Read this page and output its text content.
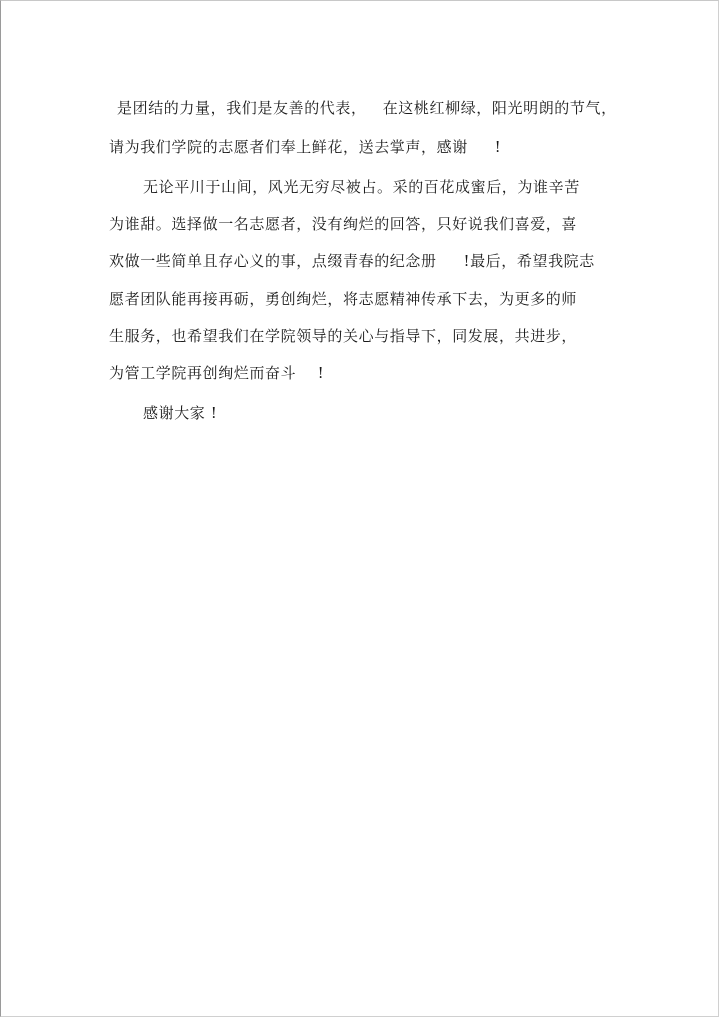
是团结的力量，我们是友善的代表，   在这桃红柳绿，阳光明朗的节气，
请为我们学院的志愿者们奉上鲜花，送去掌声，感谢     !
无论平川于山间，风光无穷尽被占。采的百花成蜜后，为谁辛苦
为谁甜。选择做一名志愿者，没有绚烂的回答，只好说我们喜爱，喜
欢做一些简单且存心义的事，点缀青春的纪念册     !最后，希望我院志
愿者团队能再接再砺，勇创绚烂，将志愿精神传承下去，为更多的师
生服务，也希望我们在学院领导的关心与指导下，同发展，共进步，
为管工学院再创绚烂而奋斗    !
感谢大家 !
